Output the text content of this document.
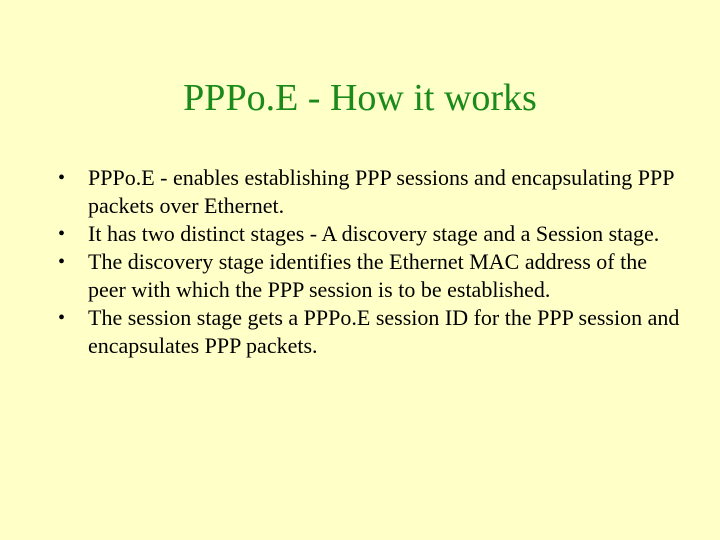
PPPo.E - How it works
•	PPPo.E - enables establishing PPP sessions and encapsulating PPP packets over Ethernet.
•	It has two distinct stages - A discovery stage and a Session stage.
•	The discovery stage identifies the Ethernet MAC address of the peer with which the PPP session is to be established.
•	The session stage gets a PPPo.E session ID for the PPP session and encapsulates PPP packets.
